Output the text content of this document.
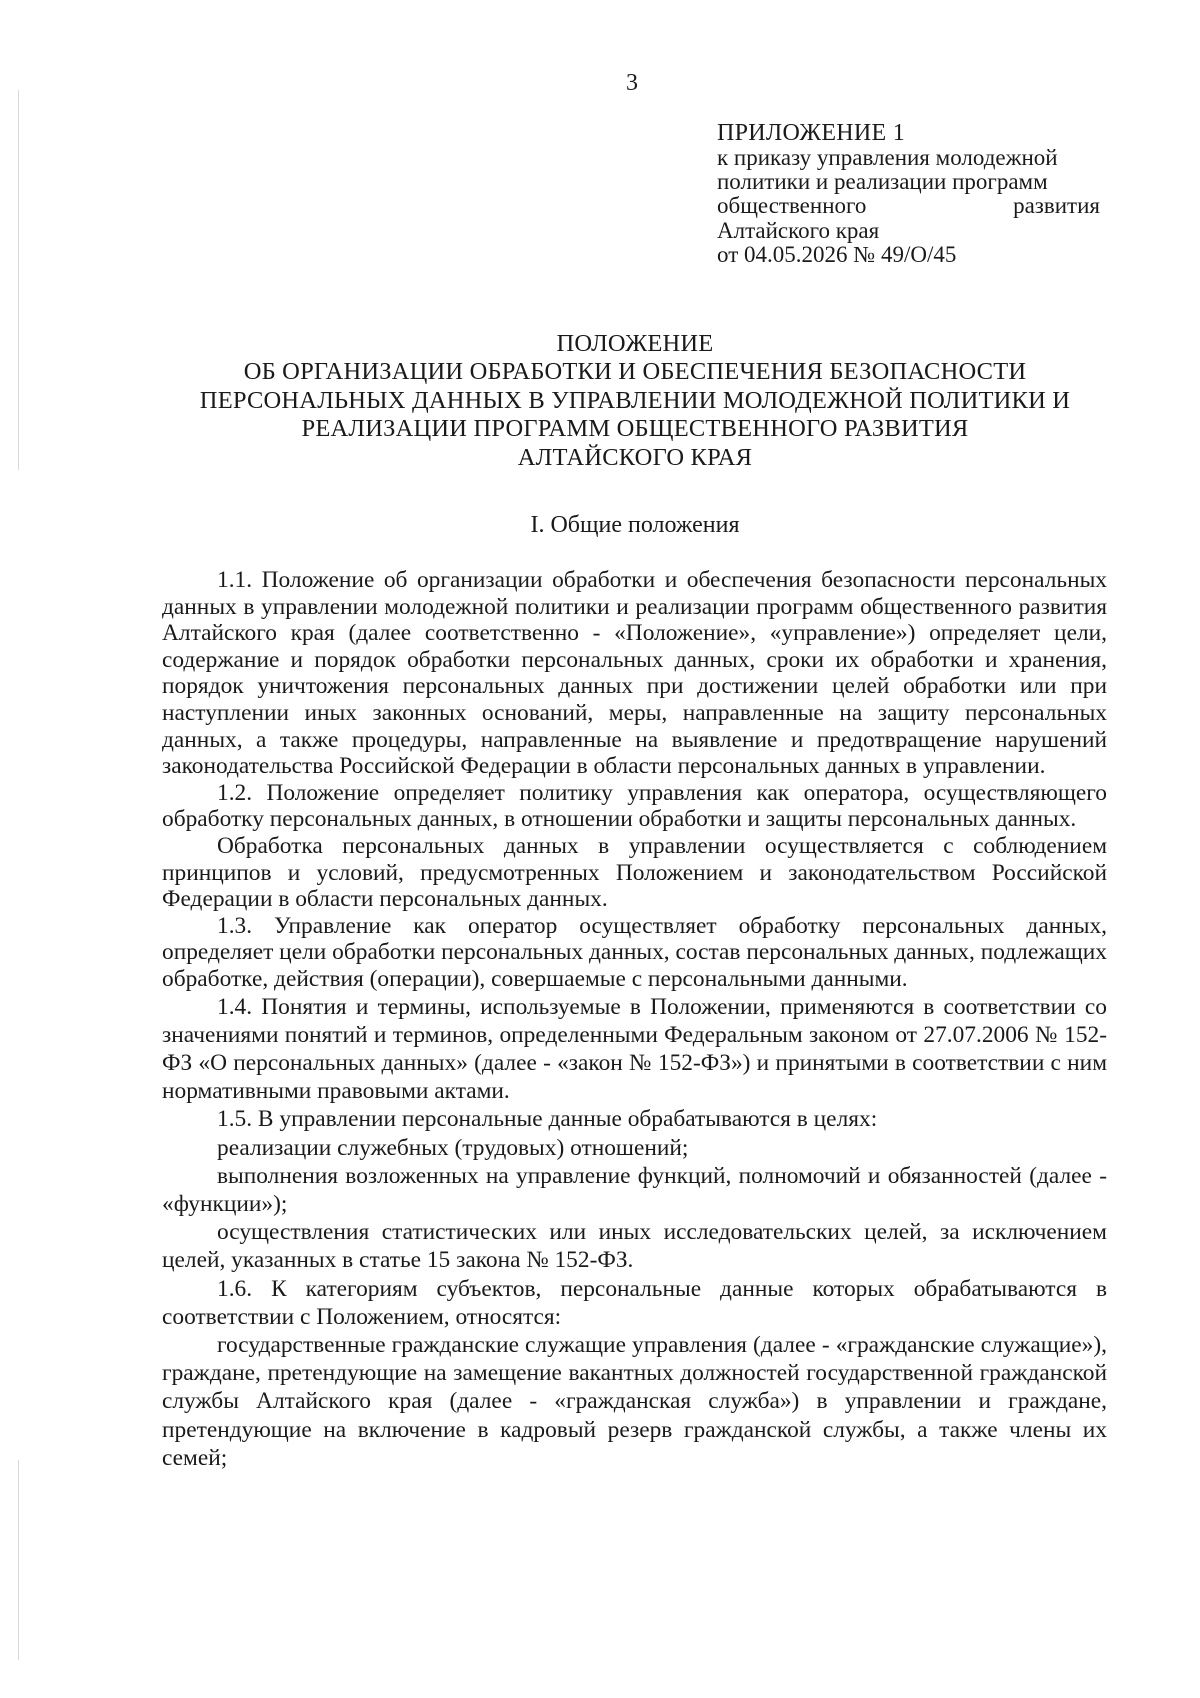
3
ПРИЛОЖЕНИЕ 1
к приказу управления молодежной
политики и реализации программ
общественного развития
Алтайского края
от 04.05.2026 № 49/О/45
ПОЛОЖЕНИЕ
ОБ ОРГАНИЗАЦИИ ОБРАБОТКИ И ОБЕСПЕЧЕНИЯ БЕЗОПАСНОСТИ
ПЕРСОНАЛЬНЫХ ДАННЫХ В УПРАВЛЕНИИ МОЛОДЕЖНОЙ ПОЛИТИКИ И
РЕАЛИЗАЦИИ ПРОГРАММ ОБЩЕСТВЕННОГО РАЗВИТИЯ
АЛТАЙСКОГО КРАЯ
I. Общие положения

1.1. Положение об организации обработки и обеспечения безопасности персональных данных в управлении молодежной политики и реализации программ общественного развития Алтайского края (далее соответственно - «Положение», «управление») определяет цели, содержание и порядок обработки персональных данных, сроки их обработки и хранения, порядок уничтожения персональных данных при достижении целей обработки или при наступлении иных законных оснований, меры, направленные на защиту персональных данных, а также процедуры, направленные на выявление и предотвращение нарушений законодательства Российской Федерации в области персональных данных в управлении.

1.2. Положение определяет политику управления как оператора, осуществляющего обработку персональных данных, в отношении обработки и защиты персональных данных.

Обработка персональных данных в управлении осуществляется с соблюдением принципов и условий, предусмотренных Положением и законодательством Российской Федерации в области персональных данных.

1.3. Управление как оператор осуществляет обработку персональных данных, определяет цели обработки персональных данных, состав персональных данных, подлежащих обработке, действия (операции), совершаемые с персональными данными.

1.4. Понятия и термины, используемые в Положении, применяются в соответствии со значениями понятий и терминов, определенными Федеральным законом от 27.07.2006 № 152-ФЗ «О персональных данных» (далее - «закон № 152-ФЗ») и принятыми в соответствии с ним нормативными правовыми актами.

1.5. В управлении персональные данные обрабатываются в целях:

реализации служебных (трудовых) отношений;

выполнения возложенных на управление функций, полномочий и обязанностей (далее - «функции»);

осуществления статистических или иных исследовательских целей, за исключением целей, указанных в статье 15 закона № 152-ФЗ.

1.6. К категориям субъектов, персональные данные которых обрабатываются в соответствии с Положением, относятся:

государственные гражданские служащие управления (далее - «гражданские служащие»), граждане, претендующие на замещение вакантных должностей государственной гражданской службы Алтайского края (далее - «гражданская служба») в управлении и граждане, претендующие на включение в кадровый резерв гражданской службы, а также члены их семей;
